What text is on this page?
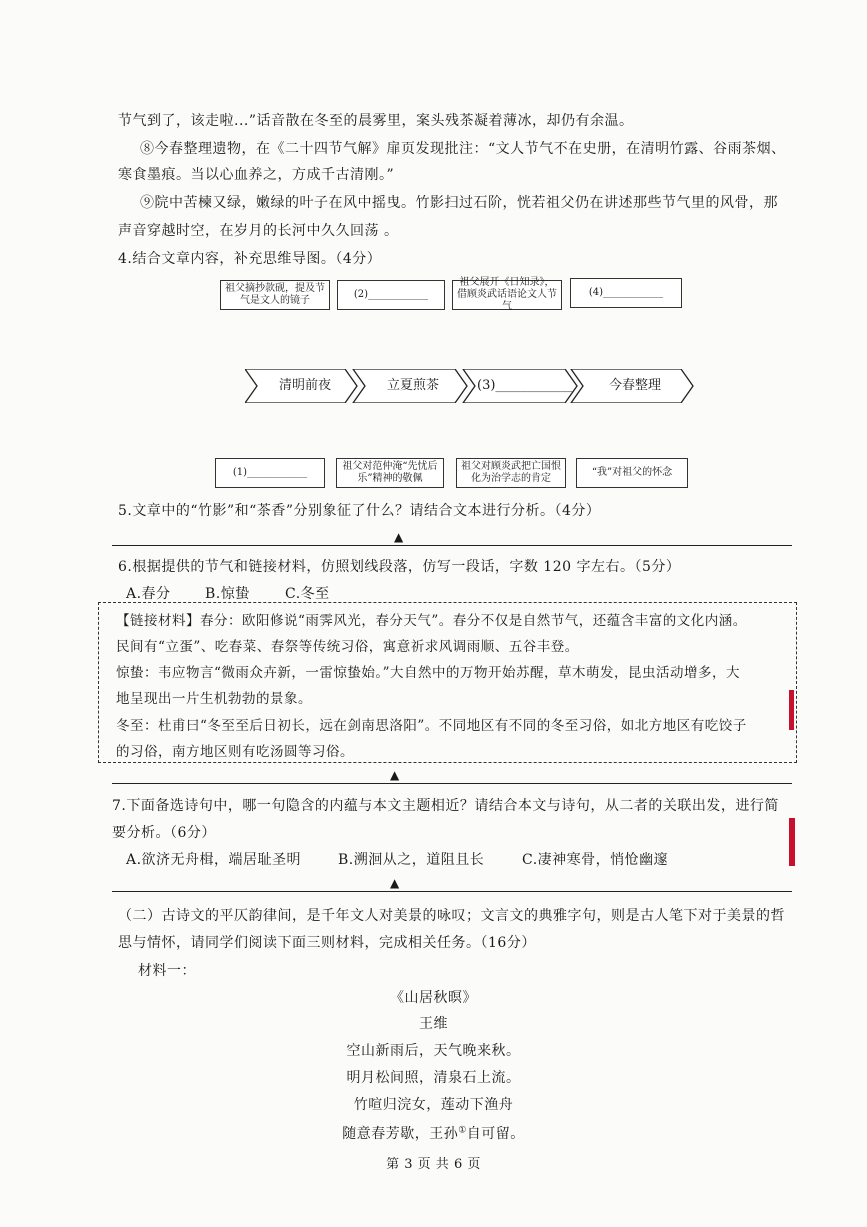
节气到了，该走啦...”话音散在冬至的晨雾里，案头残茶凝着薄冰，却仍有余温。
⑧今春整理遗物，在《二十四节气解》扉页发现批注：“文人节气不在史册，在清明竹露、谷雨茶烟、
寒食墨痕。当以心血养之，方成千古清刚。”
⑨院中苦楝又绿，嫩绿的叶子在风中摇曳。竹影扫过石阶，恍若祖父仍在讲述那些节气里的风骨，那
声音穿越时空，在岁月的长河中久久回荡 。
4.结合文章内容，补充思维导图。（4分）
祖父摘抄款砚，提及节气是文人的镜子
(2)____________
祖父展开《日知录》，借顾炎武话语论文人节气
(4)____________
清明前夜	立夏煎茶	(3)____________	今春整理
(1)____________
祖父对范仲淹“先忧后乐”精神的敬佩
祖父对顾炎武把亡国恨化为治学志的肯定
“我”对祖父的怀念
5.文章中的“竹影”和“茶香”分别象征了什么？请结合文本进行分析。（4分）
▲
6.根据提供的节气和链接材料，仿照划线段落，仿写一段话，字数 120 字左右。（5分）
A.春分 B.惊蛰	C.冬至
【链接材料】春分：欧阳修说“雨霁风光，春分天气”。春分不仅是自然节气，还蕴含丰富的文化内涵。
民间有“立蛋”、吃春菜、春祭等传统习俗，寓意祈求风调雨顺、五谷丰登。
惊蛰：韦应物言“微雨众卉新，一雷惊蛰始。”大自然中的万物开始苏醒，草木萌发，昆虫活动增多，大
地呈现出一片生机勃勃的景象。
冬至：杜甫曰“冬至至后日初长，远在剑南思洛阳”。不同地区有不同的冬至习俗，如北方地区有吃饺子
的习俗，南方地区则有吃汤圆等习俗。
▲
7.下面备选诗句中，哪一句隐含的内蕴与本文主题相近？请结合本文与诗句，从二者的关联出发，进行简
要分析。（6分）
A.欲济无舟楫，端居耻圣明	B.溯洄从之，道阻且长	C.凄神寒骨，悄怆幽邃
▲
（二）古诗文的平仄韵律间，是千年文人对美景的咏叹；文言文的典雅字句，则是古人笔下对于美景的哲
思与情怀，请同学们阅读下面三则材料，完成相关任务。（16分）
材料一：
《山居秋暝》
王维
空山新雨后，天气晚来秋。
明月松间照，清泉石上流。
竹喧归浣女，莲动下渔舟
随意春芳歇，王孙①自可留。
第 3 页 共 6 页
